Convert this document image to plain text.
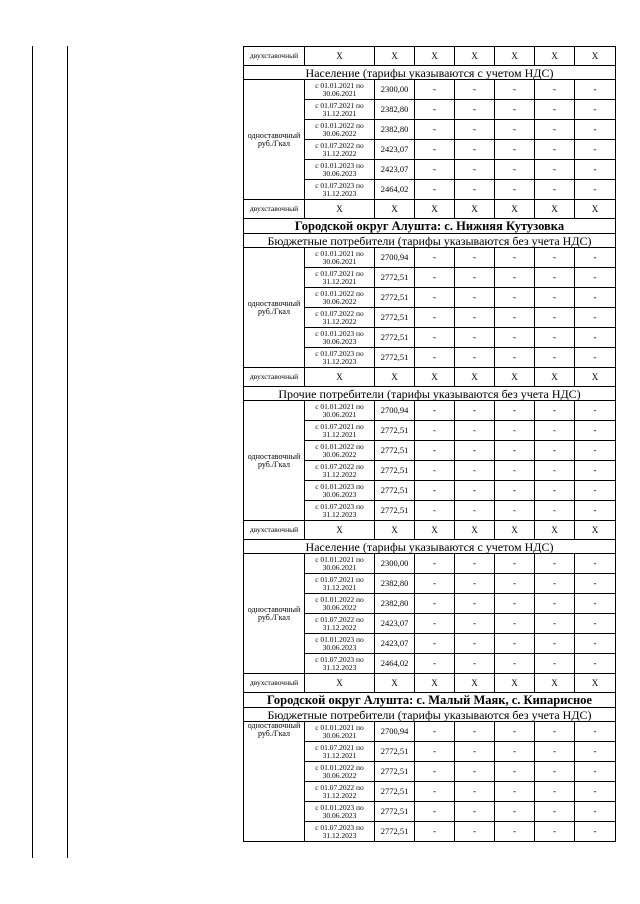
двухставочный	X	X	X	X	X	X	X
Население (тарифы указываются с учетом НДС)							
одноставочный руб./Гкал	с 01.01.2021 по 30.06.2021	2300,00	-	-	-	-	-
	с 01.07.2021 по 31.12.2021	2382,80	-	-	-	-	-
	с 01.01.2022 по 30.06.2022	2382,80	-	-	-	-	-
	с 01.07.2022 по 31.12.2022	2423,07	-	-	-	-	-
	с 01.01.2023 по 30.06.2023	2423,07	-	-	-	-	-
	с 01.07.2023 по 31.12.2023	2464,02	-	-	-	-	-
двухставочный	X	X	X	X	X	X	X
Городской округ Алушта: с. Нижняя Кутузовка							
Бюджетные потребители (тарифы указываются без учета НДС)							
одноставочный руб./Гкал	с 01.01.2021 по 30.06.2021	2700,94	-	-	-	-	-
	с 01.07.2021 по 31.12.2021	2772,51	-	-	-	-	-
	с 01.01.2022 по 30.06.2022	2772,51	-	-	-	-	-
	с 01.07.2022 по 31.12.2022	2772,51	-	-	-	-	-
	с 01.01.2023 по 30.06.2023	2772,51	-	-	-	-	-
	с 01.07.2023 по 31.12.2023	2772,51	-	-	-	-	-
двухставочный	X	X	X	X	X	X	X
Прочие потребители (тарифы указываются без учета НДС)							
одноставочный руб./Гкал	с 01.01.2021 по 30.06.2021	2700,94	-	-	-	-	-
	с 01.07.2021 по 31.12.2021	2772,51	-	-	-	-	-
	с 01.01.2022 по 30.06.2022	2772,51	-	-	-	-	-
	с 01.07.2022 по 31.12.2022	2772,51	-	-	-	-	-
	с 01.01.2023 по 30.06.2023	2772,51	-	-	-	-	-
	с 01.07.2023 по 31.12.2023	2772,51	-	-	-	-	-
двухставочный	X	X	X	X	X	X	X
Население (тарифы указываются с учетом НДС)							
одноставочный руб./Гкал	с 01.01.2021 по 30.06.2021	2300,00	-	-	-	-	-
	с 01.07.2021 по 31.12.2021	2382,80	-	-	-	-	-
	с 01.01.2022 по 30.06.2022	2382,80	-	-	-	-	-
	с 01.07.2022 по 31.12.2022	2423,07	-	-	-	-	-
	с 01.01.2023 по 30.06.2023	2423,07	-	-	-	-	-
	с 01.07.2023 по 31.12.2023	2464,02	-	-	-	-	-
двухставочный	X	X	X	X	X	X	X
Городской округ Алушта: с. Малый Маяк, с. Кипарисное							
Бюджетные потребители (тарифы указываются без учета НДС)							
одноставочный руб./Гкал	с 01.01.2021 по 30.06.2021	2700,94	-	-	-	-	-
	с 01.07.2021 по 31.12.2021	2772,51	-	-	-	-	-
	с 01.01.2022 по 30.06.2022	2772,51	-	-	-	-	-
	с 01.07.2022 по 31.12.2022	2772,51	-	-	-	-	-
	с 01.01.2023 по 30.06.2023	2772,51	-	-	-	-	-
	с 01.07.2023 по 31.12.2023	2772,51	-	-	-	-	-
